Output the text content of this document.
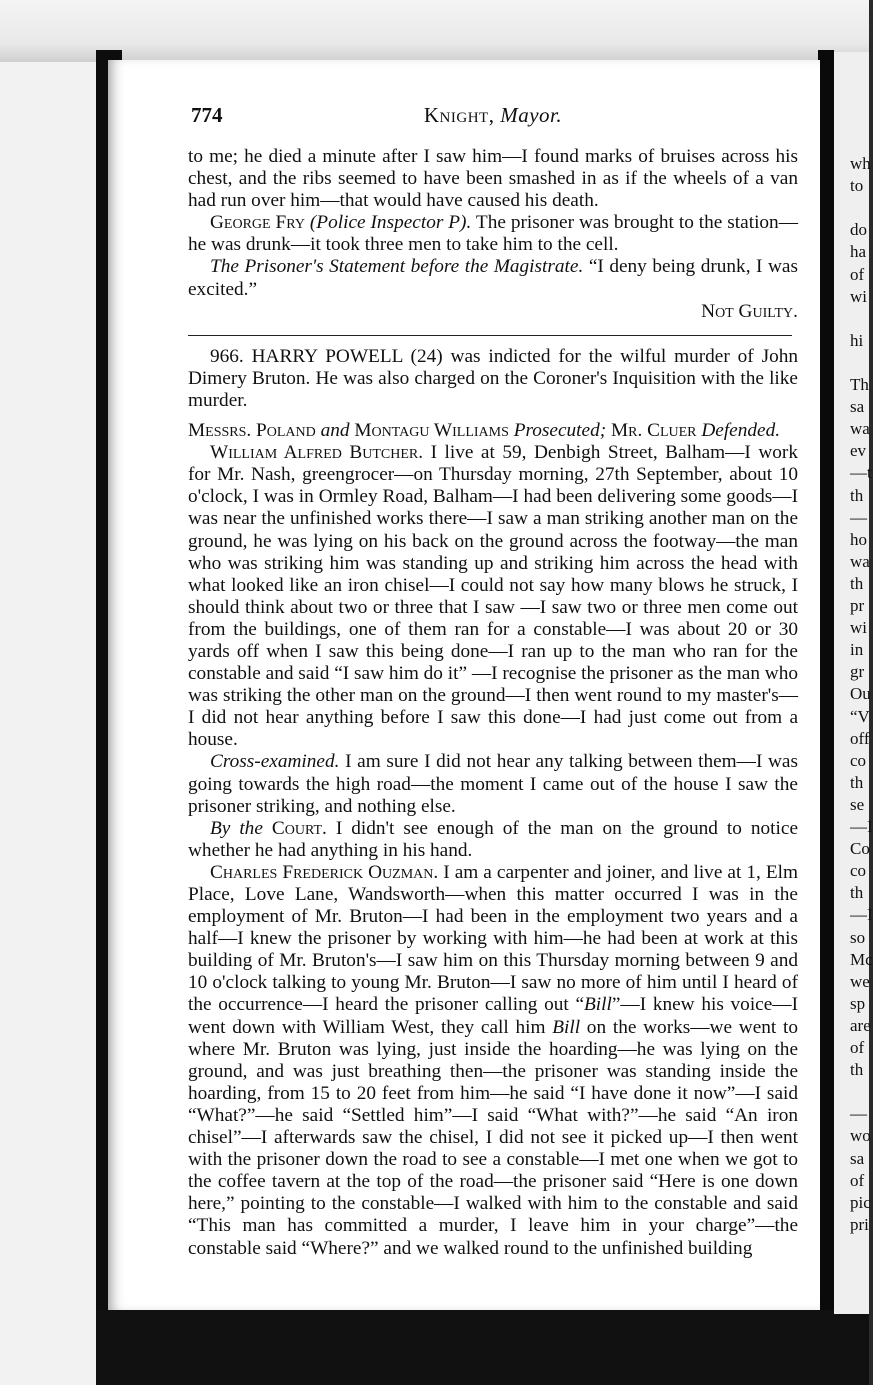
wh
to
do
ha
of
wi
hi
Th
sa
wa
ev
—t
th
—
ho
wa
th
pr
wi
in
gr
Ou
“V
off
co
th
se
—I
Co
co
th
—I
so
Mc
we
sp
are
of
th
—
wo
sa
of
pic
pri
774	Knight, Mayor.

to me; he died a minute after I saw him—I found marks of bruises across his chest, and the ribs seemed to have been smashed in as if the wheels of a van had run over him—that would have caused his death.

George Fry (Police Inspector P). The prisoner was brought to the station—he was drunk—it took three men to take him to the cell.

The Prisoner's Statement before the Magistrate. “I deny being drunk, I was excited.”

Not Guilty.

966. HARRY POWELL (24) was indicted for the wilful murder of John Dimery Bruton. He was also charged on the Coroner's Inquisition with the like murder.

Messrs. Poland and Montagu Williams Prosecuted; Mr. Cluer Defended.

William Alfred Butcher. I live at 59, Denbigh Street, Balham—I work for Mr. Nash, greengrocer—on Thursday morning, 27th September, about 10 o'clock, I was in Ormley Road, Balham—I had been delivering some goods—I was near the unfinished works there—I saw a man striking another man on the ground, he was lying on his back on the ground across the footway—the man who was striking him was standing up and striking him across the head with what looked like an iron chisel—I could not say how many blows he struck, I should think about two or three that I saw —I saw two or three men come out from the buildings, one of them ran for a constable—I was about 20 or 30 yards off when I saw this being done—I ran up to the man who ran for the constable and said “I saw him do it” —I recognise the prisoner as the man who was striking the other man on the ground—I then went round to my master's—I did not hear anything before I saw this done—I had just come out from a house.

Cross-examined. I am sure I did not hear any talking between them—I was going towards the high road—the moment I came out of the house I saw the prisoner striking, and nothing else.

By the Court. I didn't see enough of the man on the ground to notice whether he had anything in his hand.

Charles Frederick Ouzman. I am a carpenter and joiner, and live at 1, Elm Place, Love Lane, Wandsworth—when this matter occurred I was in the employment of Mr. Bruton—I had been in the employment two years and a half—I knew the prisoner by working with him—he had been at work at this building of Mr. Bruton's—I saw him on this Thursday morning between 9 and 10 o'clock talking to young Mr. Bruton—I saw no more of him until I heard of the occurrence—I heard the prisoner calling out “Bill”—I knew his voice—I went down with William West, they call him Bill on the works—we went to where Mr. Bruton was lying, just inside the hoarding—he was lying on the ground, and was just breathing then—the prisoner was standing inside the hoarding, from 15 to 20 feet from him—he said “I have done it now”—I said “What?”—he said “Settled him”—I said “What with?”—he said “An iron chisel”—I afterwards saw the chisel, I did not see it picked up—I then went with the prisoner down the road to see a constable—I met one when we got to the coffee tavern at the top of the road—the prisoner said “Here is one down here,” pointing to the constable—I walked with him to the constable and said “This man has committed a murder, I leave him in your charge”—the constable said “Where?” and we walked round to the unfinished building
